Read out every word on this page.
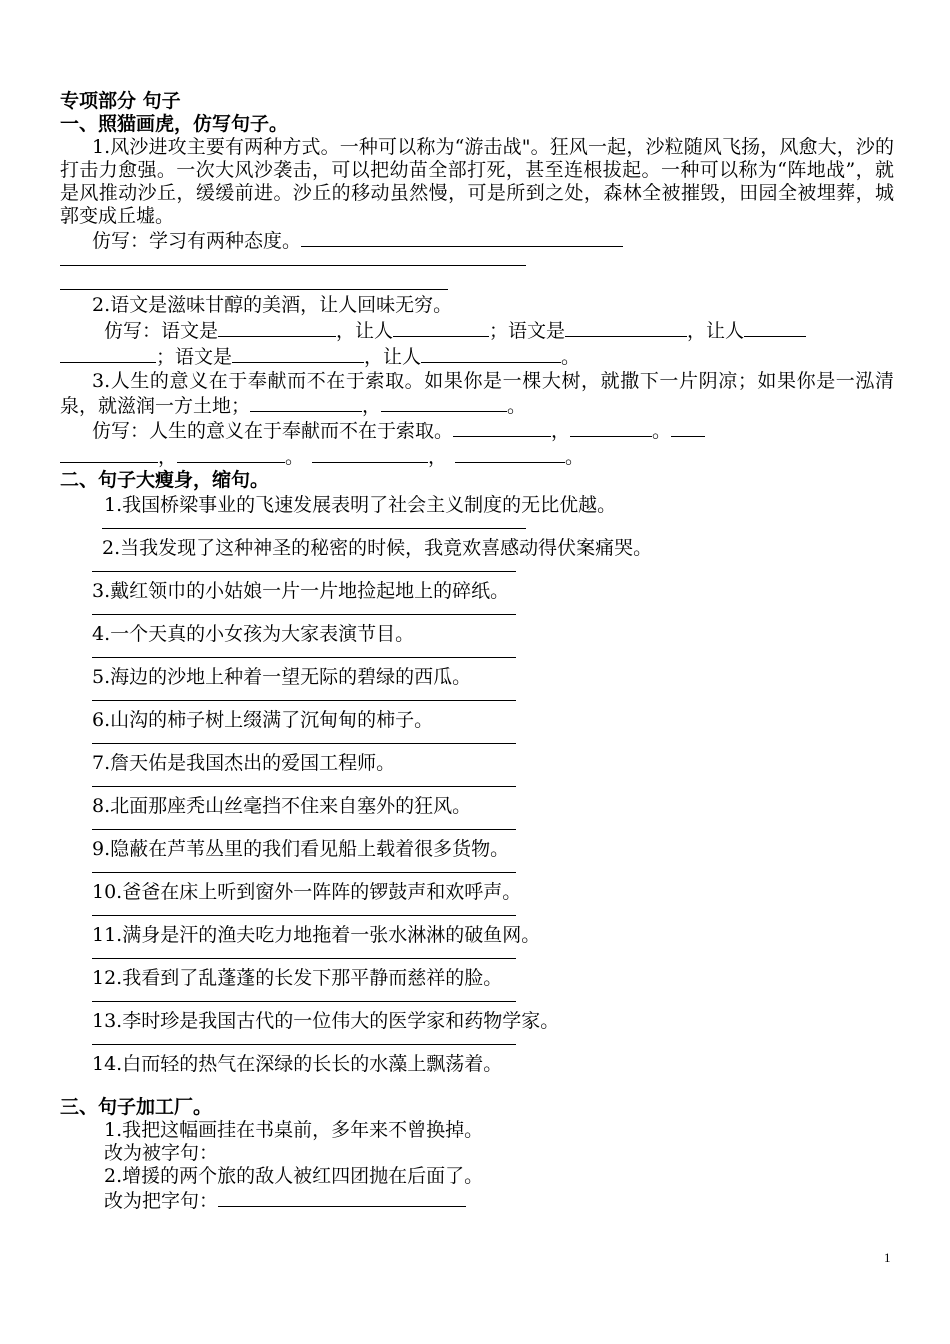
专项部分 句子
一、照猫画虎，仿写句子。

1.风沙进攻主要有两种方式。一种可以称为“游击战"。狂风一起，沙粒随风飞扬，风愈大，沙的打击力愈强。一次大风沙袭击，可以把幼苗全部打死，甚至连根拔起。一种可以称为“阵地战”，就是风推动沙丘，缓缓前进。沙丘的移动虽然慢，可是所到之处，森林全被摧毁，田园全被埋葬，城郭变成丘墟。

仿写：学习有两种态度。

2.语文是滋味甘醇的美酒，让人回味无穷。

仿写：语文是	，让人	；语文是	，让人

；语文是	，让人	。

3.人生的意义在于奉献而不在于索取。如果你是一棵大树，就撒下一片阴凉；如果你是一泓清泉，就滋润一方土地；	，	。

仿写：人生的意义在于奉献而不在于索取。	，	。

，	。	，	。

二、句子大瘦身，缩句。
1.我国桥梁事业的飞速发展表明了社会主义制度的无比优越。
2.当我发现了这种神圣的秘密的时候，我竟欢喜感动得伏案痛哭。
3.戴红领巾的小姑娘一片一片地捡起地上的碎纸。
4.一个天真的小女孩为大家表演节目。
5.海边的沙地上种着一望无际的碧绿的西瓜。
6.山沟的柿子树上缀满了沉甸甸的柿子。
7.詹天佑是我国杰出的爱国工程师。
8.北面那座秃山丝毫挡不住来自塞外的狂风。
9.隐蔽在芦苇丛里的我们看见船上载着很多货物。
10.爸爸在床上听到窗外一阵阵的锣鼓声和欢呼声。
11.满身是汗的渔夫吃力地拖着一张水淋淋的破鱼网。
12.我看到了乱蓬蓬的长发下那平静而慈祥的脸。
13.李时珍是我国古代的一位伟大的医学家和药物学家。
14.白而轻的热气在深绿的长长的水藻上飘荡着。
三、句子加工厂。
1.我把这幅画挂在书桌前，多年来不曾换掉。
改为被字句：
2.增援的两个旅的敌人被红四团抛在后面了。
改为把字句：
1
